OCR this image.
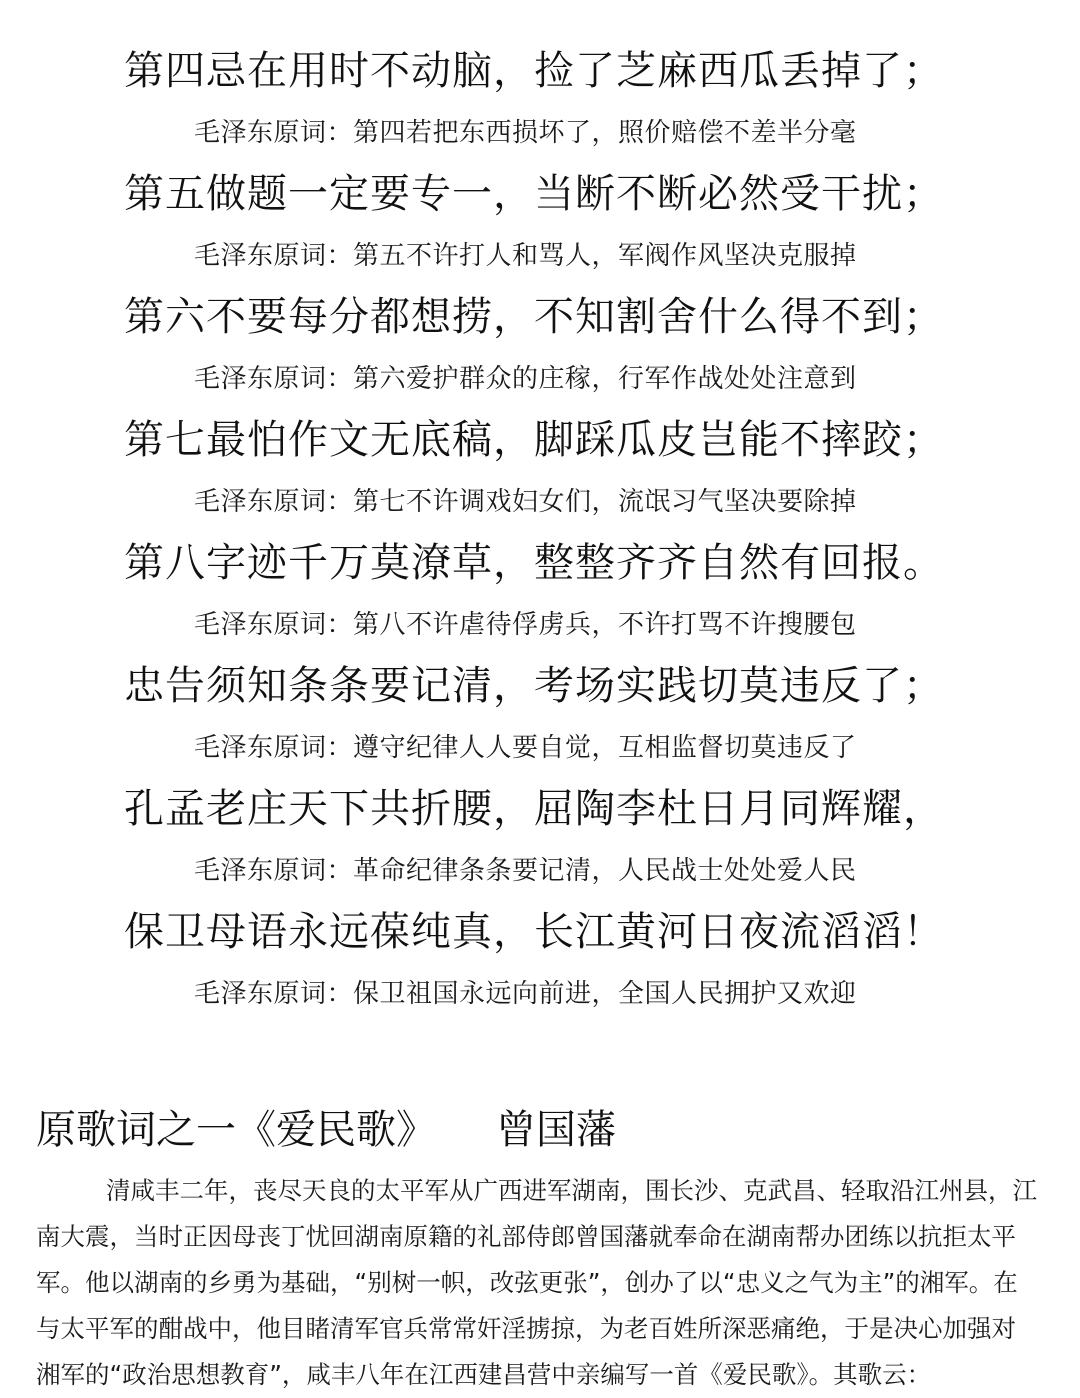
第四忌在用时不动脑，捡了芝麻西瓜丢掉了；
毛泽东原词：第四若把东西损坏了，照价赔偿不差半分毫
第五做题一定要专一，当断不断必然受干扰；
毛泽东原词：第五不许打人和骂人，军阀作风坚决克服掉
第六不要每分都想捞，不知割舍什么得不到；
毛泽东原词：第六爱护群众的庄稼，行军作战处处注意到
第七最怕作文无底稿，脚踩瓜皮岂能不摔跤；
毛泽东原词：第七不许调戏妇女们，流氓习气坚决要除掉
第八字迹千万莫潦草，整整齐齐自然有回报。
毛泽东原词：第八不许虐待俘虏兵，不许打骂不许搜腰包
忠告须知条条要记清，考场实践切莫违反了；
毛泽东原词：遵守纪律人人要自觉，互相监督切莫违反了
孔孟老庄天下共折腰，屈陶李杜日月同辉耀，
毛泽东原词：革命纪律条条要记清，人民战士处处爱人民
保卫母语永远葆纯真，长江黄河日夜流滔滔！
毛泽东原词：保卫祖国永远向前进，全国人民拥护又欢迎
原歌词之一《爱民歌》 曾国藩
清咸丰二年，丧尽天良的太平军从广西进军湖南，围长沙、克武昌、轻取沿江州县，江
南大震，当时正因母丧丁忧回湖南原籍的礼部侍郎曾国藩就奉命在湖南帮办团练以抗拒太平
军。他以湖南的乡勇为基础，“别树一帜，改弦更张”，创办了以“忠义之气为主”的湘军。在
与太平军的酣战中，他目睹清军官兵常常奸淫掳掠，为老百姓所深恶痛绝，于是决心加强对
湘军的“政治思想教育”，咸丰八年在江西建昌营中亲编写一首《爱民歌》。其歌云：
